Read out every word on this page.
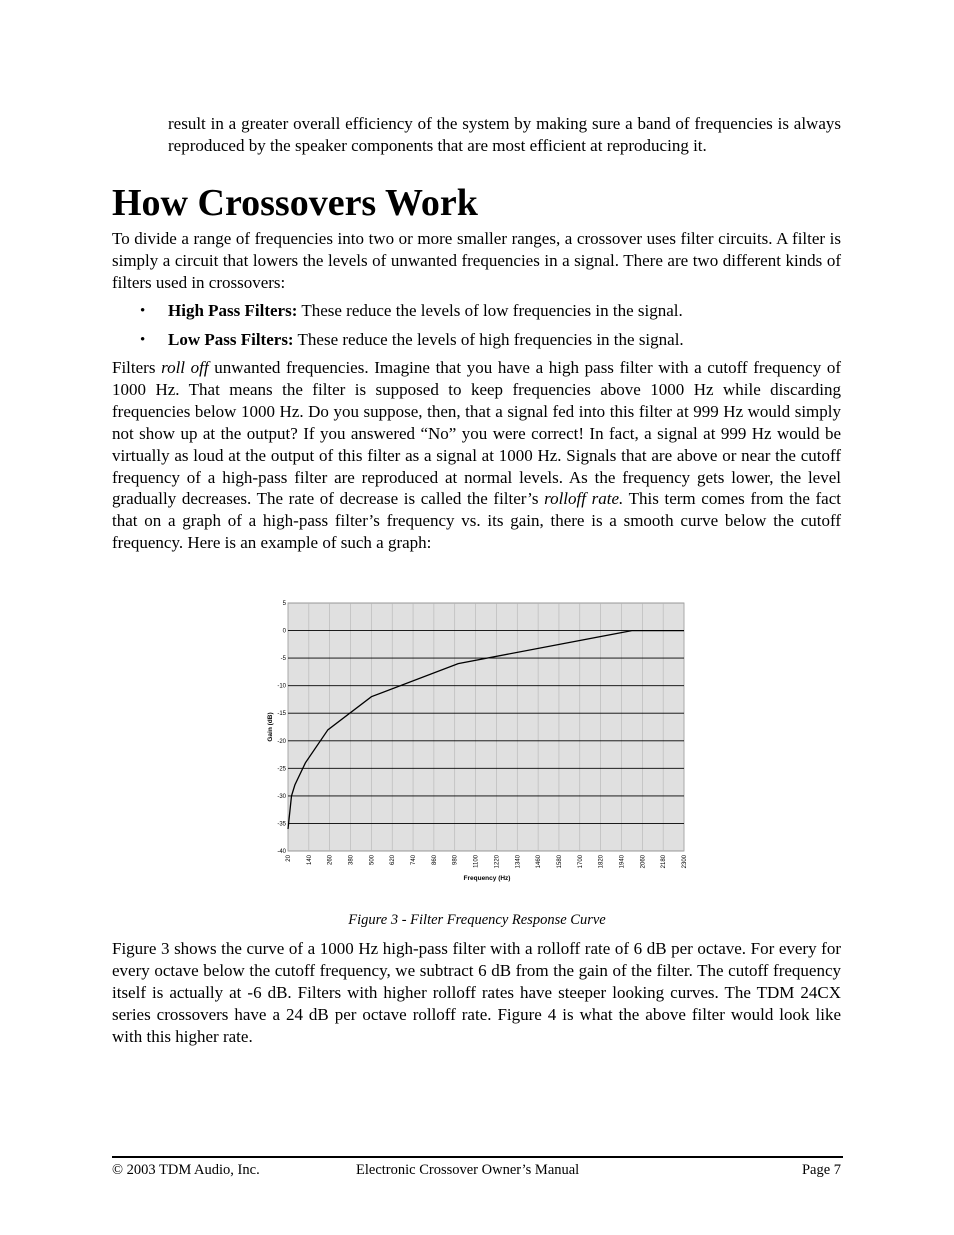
result in a greater overall efficiency of the system by making sure a band of frequencies is always reproduced by the speaker components that are most efficient at reproducing it.

How Crossovers Work

To divide a range of frequencies into two or more smaller ranges, a crossover uses filter circuits. A filter is simply a circuit that lowers the levels of unwanted frequencies in a signal. There are two different kinds of filters used in crossovers:

• High Pass Filters: These reduce the levels of low frequencies in the signal.
• Low Pass Filters: These reduce the levels of high frequencies in the signal.

Filters roll off unwanted frequencies. Imagine that you have a high pass filter with a cutoff frequency of 1000 Hz. That means the filter is supposed to keep frequencies above 1000 Hz while discarding frequencies below 1000 Hz. Do you suppose, then, that a signal fed into this filter at 999 Hz would simply not show up at the output? If you answered “No” you were correct! In fact, a signal at 999 Hz would be virtually as loud at the output of this filter as a signal at 1000 Hz. Signals that are above or near the cutoff frequency of a high-pass filter are reproduced at normal levels. As the frequency gets lower, the level gradually decreases. The rate of decrease is called the filter’s rolloff rate. This term comes from the fact that on a graph of a high-pass filter’s frequency vs. its gain, there is a smooth curve below the cutoff frequency. Here is an example of such a graph:

5
0
-5
-10
-15
-20
-25
-30
-35
-40
20 140 260 380 500 620 740 860 980 1100 1220 1340 1460 1580 1700 1820 1940 2060 2180 2300
Frequency (Hz)
Gain (dB)
Figure 3 - Filter Frequency Response Curve

Figure 3 shows the curve of a 1000 Hz high-pass filter with a rolloff rate of 6 dB per octave. For every for every octave below the cutoff frequency, we subtract 6 dB from the gain of the filter. The cutoff frequency itself is actually at -6 dB. Filters with higher rolloff rates have steeper looking curves. The TDM 24CX series crossovers have a 24 dB per octave rolloff rate. Figure 4 is what the above filter would look like with this higher rate.

© 2003 TDM Audio, Inc.	Electronic Crossover Owner’s Manual	Page 7
